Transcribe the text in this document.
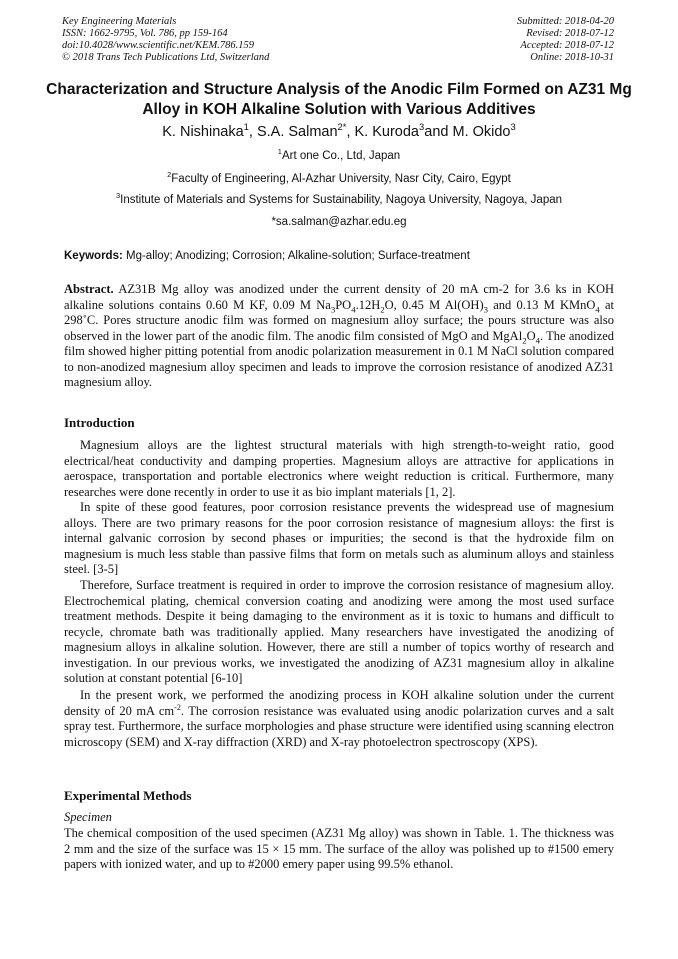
Key Engineering Materials
ISSN: 1662-9795, Vol. 786, pp 159-164
doi:10.4028/www.scientific.net/KEM.786.159
© 2018 Trans Tech Publications Ltd, Switzerland
Submitted: 2018-04-20
Revised: 2018-07-12
Accepted: 2018-07-12
Online: 2018-10-31
Characterization and Structure Analysis of the Anodic Film Formed on AZ31 Mg Alloy in KOH Alkaline Solution with Various Additives
K. Nishinaka$^1$, S.A. Salman$^{2*}$, K. Kuroda$^3$and M. Okido$^3$
$^1$Art one Co., Ltd, Japan
$^2$Faculty of Engineering, Al-Azhar University, Nasr City, Cairo, Egypt
$^3$Institute of Materials and Systems for Sustainability, Nagoya University, Nagoya, Japan
*sa.salman@azhar.edu.eg
Keywords: Mg-alloy; Anodizing; Corrosion; Alkaline-solution; Surface-treatment
Abstract. AZ31B Mg alloy was anodized under the current density of 20 mA cm-2 for 3.6 ks in KOH alkaline solutions contains 0.60 M KF, 0.09 M $Na_3PO_4.12H_2O$, 0.45 M $Al(OH)_3$ and 0.13 M KMnO$_4$ at 298˚C. Pores structure anodic film was formed on magnesium alloy surface; the pours structure was also observed in the lower part of the anodic film. The anodic film consisted of MgO and $MgAl_2O_4$. The anodized film showed higher pitting potential from anodic polarization measurement in 0.1 M NaCl solution compared to non-anodized magnesium alloy specimen and leads to improve the corrosion resistance of anodized AZ31 magnesium alloy.
Introduction

Magnesium alloys are the lightest structural materials with high strength-to-weight ratio, good electrical/heat conductivity and damping properties. Magnesium alloys are attractive for applications in aerospace, transportation and portable electronics where weight reduction is critical. Furthermore, many researches were done recently in order to use it as bio implant materials [1, 2].

In spite of these good features, poor corrosion resistance prevents the widespread use of magnesium alloys. There are two primary reasons for the poor corrosion resistance of magnesium alloys: the first is internal galvanic corrosion by second phases or impurities; the second is that the hydroxide film on magnesium is much less stable than passive films that form on metals such as aluminum alloys and stainless steel. [3-5]

Therefore, Surface treatment is required in order to improve the corrosion resistance of magnesium alloy. Electrochemical plating, chemical conversion coating and anodizing were among the most used surface treatment methods. Despite it being damaging to the environment as it is toxic to humans and difficult to recycle, chromate bath was traditionally applied. Many researchers have investigated the anodizing of magnesium alloys in alkaline solution. However, there are still a number of topics worthy of research and investigation. In our previous works, we investigated the anodizing of AZ31 magnesium alloy in alkaline solution at constant potential [6-10]

In the present work, we performed the anodizing process in KOH alkaline solution under the current density of 20 mA $cm^{-2}$. The corrosion resistance was evaluated using anodic polarization curves and a salt spray test. Furthermore, the surface morphologies and phase structure were identified using scanning electron microscopy (SEM) and X-ray diffraction (XRD) and X-ray photoelectron spectroscopy (XPS).

Experimental Methods
Specimen

The chemical composition of the used specimen (AZ31 Mg alloy) was shown in Table. 1. The thickness was 2 mm and the size of the surface was 15 × 15 mm. The surface of the alloy was polished up to #1500 emery papers with ionized water, and up to #2000 emery paper using 99.5% ethanol.
